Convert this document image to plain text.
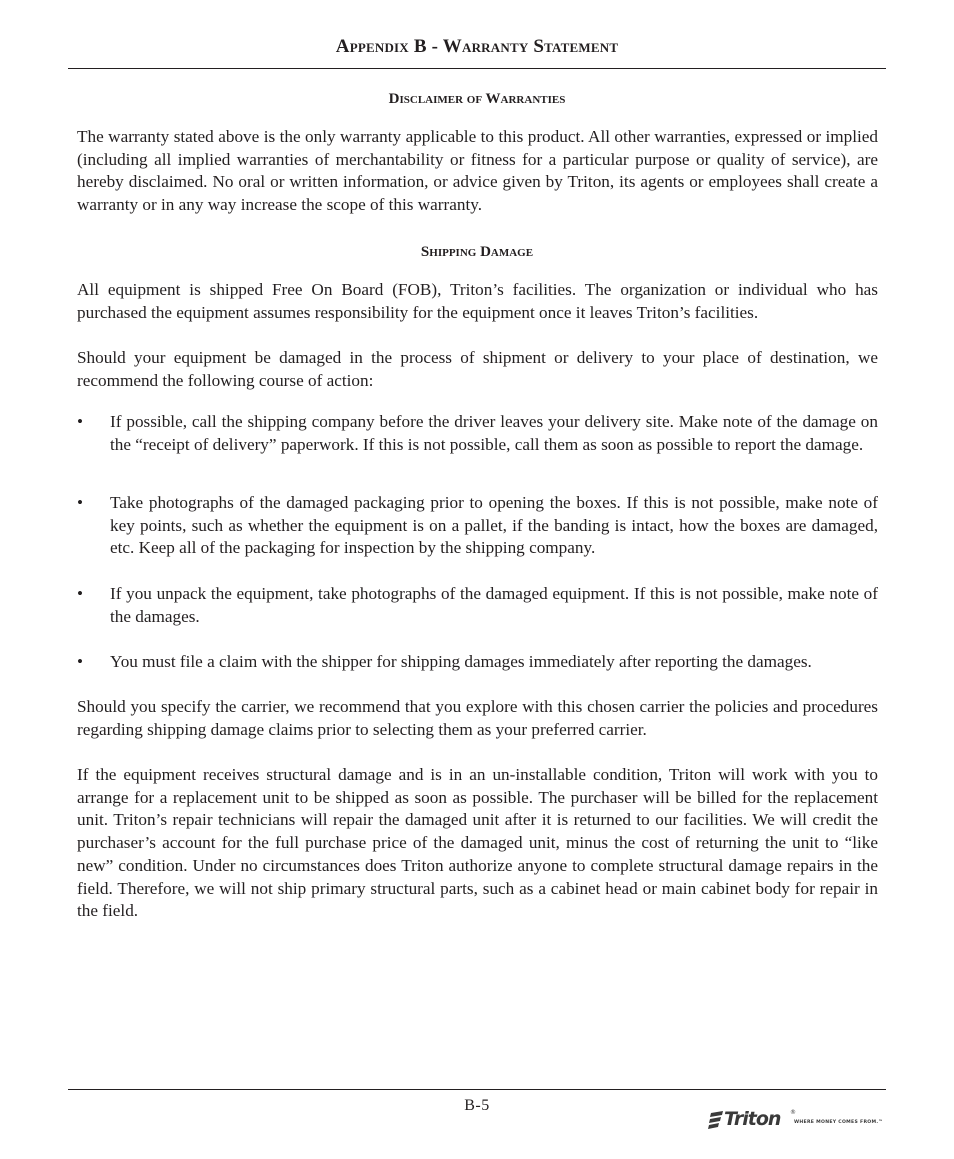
Appendix B - Warranty Statement
Disclaimer of Warranties

The warranty stated above is the only warranty applicable to this product. All other warranties, expressed or implied (including all implied warranties of merchantability or fitness for a particular purpose or quality of service), are hereby disclaimed. No oral or written information, or advice given by Triton, its agents or employees shall create a warranty or in any way increase the scope of this warranty.

Shipping Damage

All equipment is shipped Free On Board (FOB), Triton’s facilities. The organization or individual who has purchased the equipment assumes responsibility for the equipment once it leaves Triton’s facilities.

Should your equipment be damaged in the process of shipment or delivery to your place of destination, we recommend the following course of action:

•	If possible, call the shipping company before the driver leaves your delivery site. Make note of the damage on the “receipt of delivery” paperwork. If this is not possible, call them as soon as possible to report the damage.
•	Take photographs of the damaged packaging prior to opening the boxes. If this is not possible, make note of key points, such as whether the equipment is on a pallet, if the banding is intact, how the boxes are damaged, etc. Keep all of the packaging for inspection by the shipping company.
•	If you unpack the equipment, take photographs of the damaged equipment. If this is not possible, make note of the damages.
•	You must file a claim with the shipper for shipping damages immediately after reporting the damages.

Should you specify the carrier, we recommend that you explore with this chosen carrier the policies and procedures regarding shipping damage claims prior to selecting them as your preferred carrier.

If the equipment receives structural damage and is in an un-installable condition, Triton will work with you to arrange for a replacement unit to be shipped as soon as possible. The purchaser will be billed for the replacement unit. Triton’s repair technicians will repair the damaged unit after it is returned to our facilities. We will credit the purchaser’s account for the full purchase price of the damaged unit, minus the cost of returning the unit to “like new” condition. Under no circumstances does Triton authorize anyone to complete structural damage repairs in the field. Therefore, we will not ship primary structural parts, such as a cabinet head or main cabinet body for repair in the field.

B-5
Triton ®
WHERE MONEY COMES FROM.™
